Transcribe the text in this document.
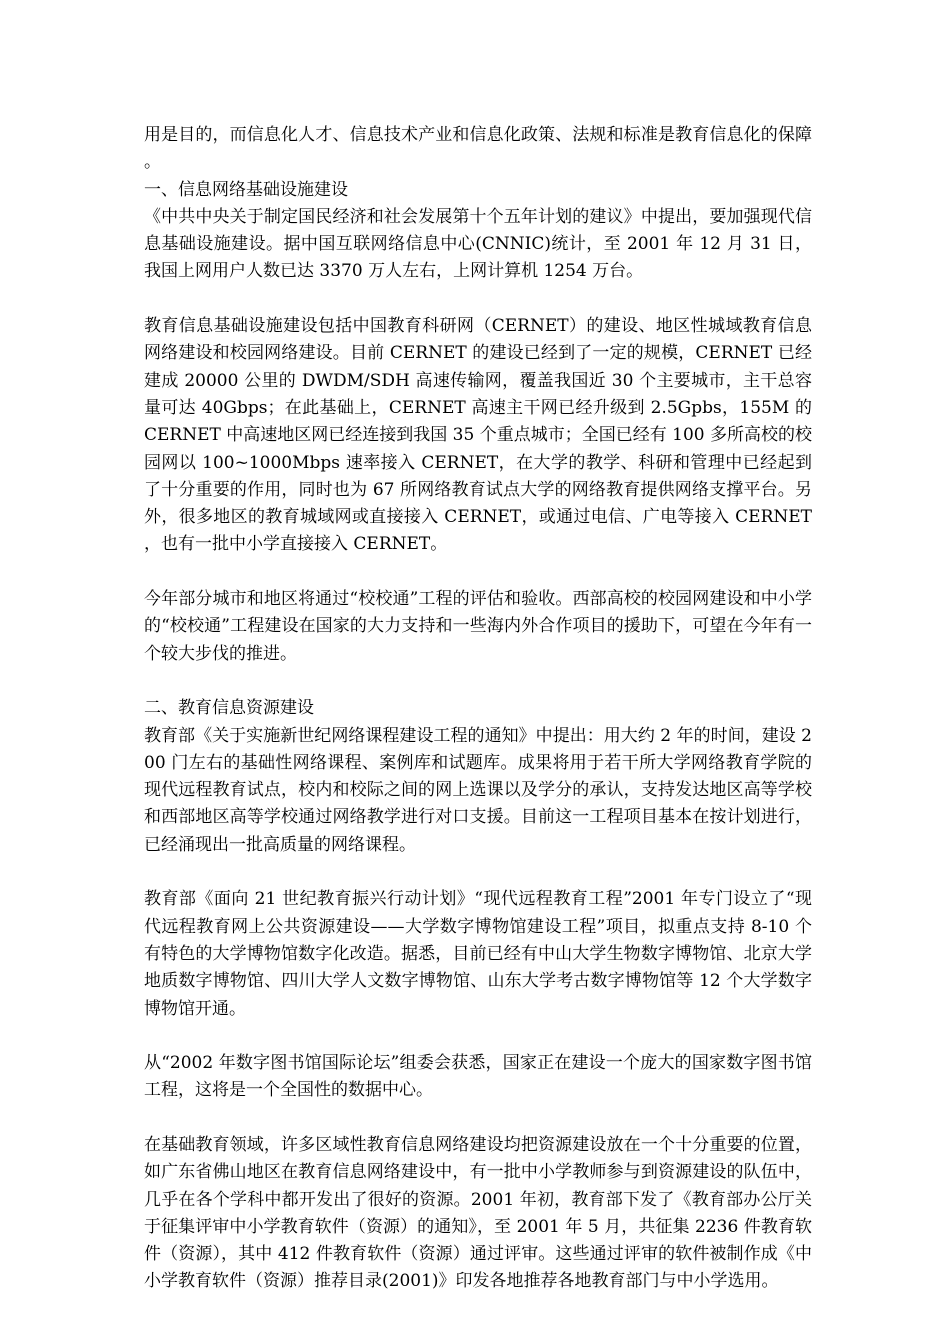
用是目的，而信息化人才、信息技术产业和信息化政策、法规和标准是教育信息化的保障。

一、信息网络基础设施建设

《中共中央关于制定国民经济和社会发展第十个五年计划的建议》中提出，要加强现代信息基础设施建设。据中国互联网络信息中心(CNNIC)统计，至 2001 年 12 月 31 日，我国上网用户人数已达 3370 万人左右，上网计算机 1254 万台。

教育信息基础设施建设包括中国教育科研网（CERNET）的建设、地区性城域教育信息网络建设和校园网络建设。目前 CERNET 的建设已经到了一定的规模，CERNET 已经建成 20000 公里的 DWDM/SDH 高速传输网，覆盖我国近 30 个主要城市，主干总容量可达 40Gbps；在此基础上，CERNET 高速主干网已经升级到 2.5Gpbs，155M 的 CERNET 中高速地区网已经连接到我国 35 个重点城市；全国已经有 100 多所高校的校园网以 100~1000Mbps 速率接入 CERNET，在大学的教学、科研和管理中已经起到了十分重要的作用，同时也为 67 所网络教育试点大学的网络教育提供网络支撑平台。另外，很多地区的教育城域网或直接接入 CERNET，或通过电信、广电等接入 CERNET，也有一批中小学直接接入 CERNET。

今年部分城市和地区将通过“校校通”工程的评估和验收。西部高校的校园网建设和中小学的“校校通”工程建设在国家的大力支持和一些海内外合作项目的援助下，可望在今年有一个较大步伐的推进。

二、教育信息资源建设

教育部《关于实施新世纪网络课程建设工程的通知》中提出：用大约 2 年的时间，建设 200 门左右的基础性网络课程、案例库和试题库。成果将用于若干所大学网络教育学院的现代远程教育试点，校内和校际之间的网上选课以及学分的承认，支持发达地区高等学校和西部地区高等学校通过网络教学进行对口支援。目前这一工程项目基本在按计划进行，已经涌现出一批高质量的网络课程。

教育部《面向 21 世纪教育振兴行动计划》“现代远程教育工程”2001 年专门设立了“现代远程教育网上公共资源建设——大学数字博物馆建设工程”项目，拟重点支持 8-10 个有特色的大学博物馆数字化改造。据悉，目前已经有中山大学生物数字博物馆、北京大学地质数字博物馆、四川大学人文数字博物馆、山东大学考古数字博物馆等 12 个大学数字博物馆开通。

从“2002 年数字图书馆国际论坛”组委会获悉，国家正在建设一个庞大的国家数字图书馆工程，这将是一个全国性的数据中心。

在基础教育领域，许多区域性教育信息网络建设均把资源建设放在一个十分重要的位置，如广东省佛山地区在教育信息网络建设中，有一批中小学教师参与到资源建设的队伍中，几乎在各个学科中都开发出了很好的资源。2001 年初，教育部下发了《教育部办公厅关于征集评审中小学教育软件（资源）的通知》，至 2001 年 5 月，共征集 2236 件教育软件（资源），其中 412 件教育软件（资源）通过评审。这些通过评审的软件被制作成《中小学教育软件（资源）推荐目录(2001)》印发各地推荐各地教育部门与中小学选用。
